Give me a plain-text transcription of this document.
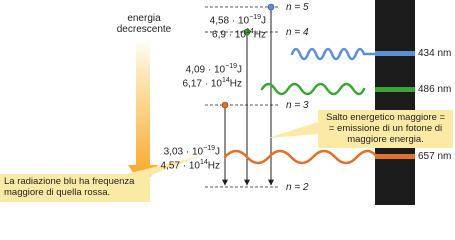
energia
decrescente
n = 5
n = 4
n = 3
n = 2
$4,58 \cdot 10^{-19}J$
$6,9 \cdot 10^{14}Hz$
$4,09 \cdot 10^{-19}J$
$6,17 \cdot 10^{14}Hz$
$3,03 \cdot 10^{-19}J$
$4,57 \cdot 10^{14}Hz$
434 nm
486 nm
657 nm
Salto energetico maggiore =
= emissione di un fotone di
maggiore energia.
La radiazione blu ha frequenza
maggiore di quella rossa.
